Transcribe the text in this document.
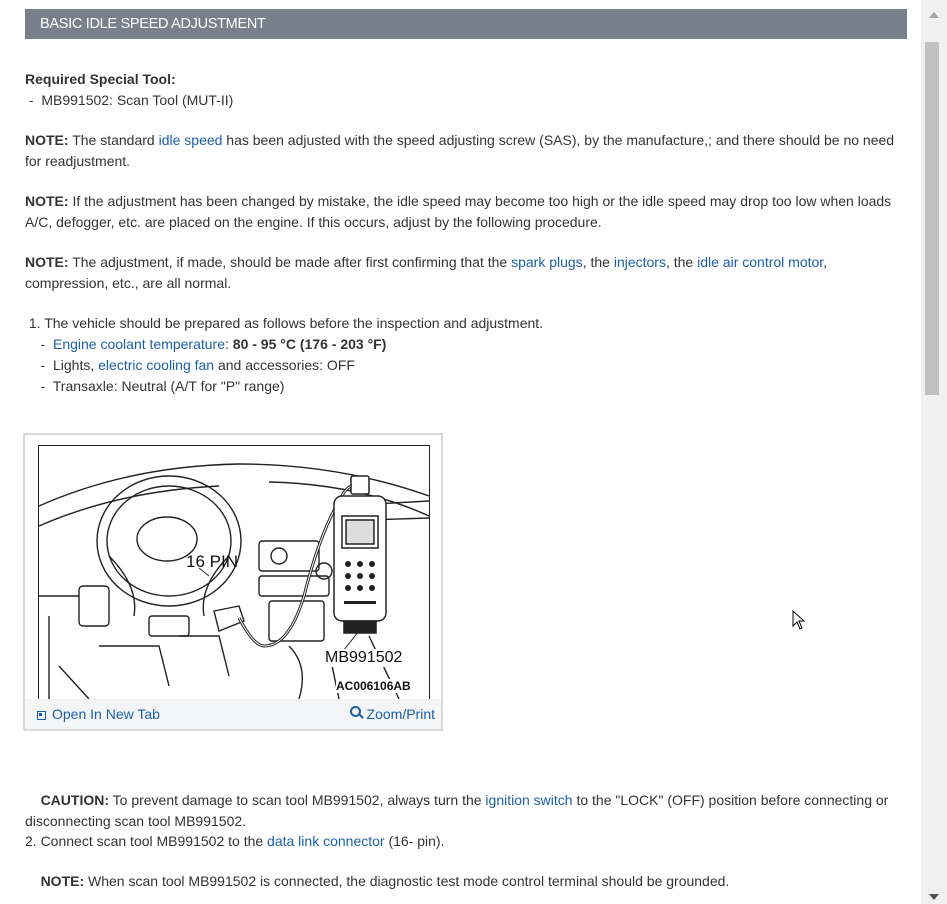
BASIC IDLE SPEED ADJUSTMENT

Required Special Tool:
-  MB991502: Scan Tool (MUT-II)

NOTE: The standard idle speed has been adjusted with the speed adjusting screw (SAS), by the manufacture,; and there should be no need for readjustment.

NOTE: If the adjustment has been changed by mistake, the idle speed may become too high or the idle speed may drop too low when loads A/C, defogger, etc. are placed on the engine. If this occurs, adjust by the following procedure.

NOTE: The adjustment, if made, should be made after first confirming that the spark plugs, the injectors, the idle air control motor, compression, etc., are all normal.

1. The vehicle should be prepared as follows before the inspection and adjustment.
-  Engine coolant temperature: 80 - 95 °C (176 - 203 °F)
-  Lights, electric cooling fan and accessories: OFF
-  Transaxle: Neutral (A/T for "P" range)

16 PIN
MB991502
AC006106AB
Open In New Tab	Zoom/Print

CAUTION: To prevent damage to scan tool MB991502, always turn the ignition switch to the "LOCK" (OFF) position before connecting or disconnecting scan tool MB991502.

2. Connect scan tool MB991502 to the data link connector (16- pin).

NOTE: When scan tool MB991502 is connected, the diagnostic test mode control terminal should be grounded.
